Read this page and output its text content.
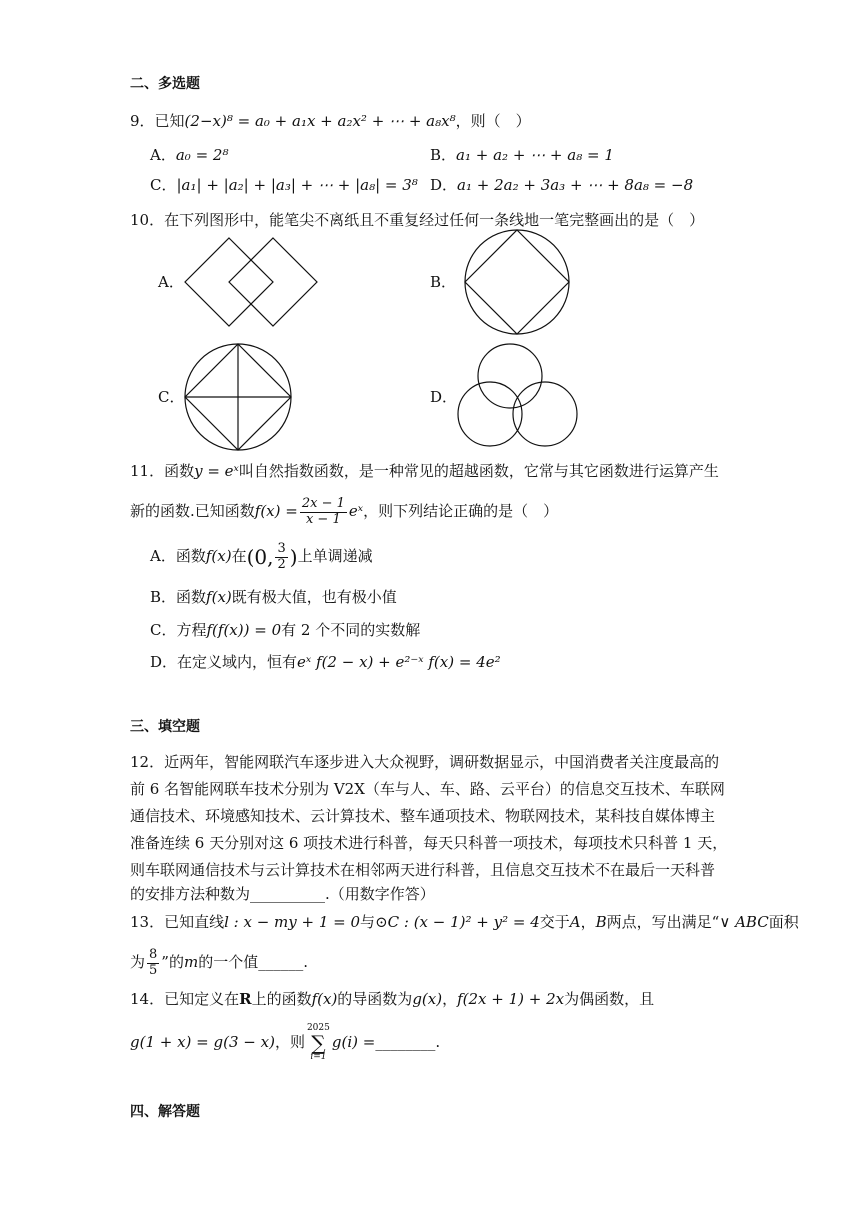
二、多选题
9．已知(2−x)⁸ = a₀ + a₁x + a₂x² + ⋯ + a₈x⁸，则（　）
A．a₀ = 2⁸	B．a₁ + a₂ + ⋯ + a₈ = 1
C．|a₁| + |a₂| + |a₃| + ⋯ + |a₈| = 3⁸ D．a₁ + 2a₂ + 3a₃ + ⋯ + 8a₈ = −8
10．在下列图形中，能笔尖不离纸且不重复经过任何一条线地一笔完整画出的是（　）
A．	B．
C．	D．
11．函数y = eˣ叫自然指数函数，是一种常见的超越函数，它常与其它函数进行运算产生
新的函数.已知函数$f(x) = \frac{2x - 1}{x - 1}$ eˣ，则下列结论正确的是（　）
A．函数f(x)在(0, $\frac{3}{2}$ )上单调递减
B．函数f(x)既有极大值，也有极小值
C．方程f(f(x)) = 0有 2 个不同的实数解
D．在定义域内，恒有eˣ f(2 − x) + e²⁻ˣ f(x) = 4e²
三、填空题
12．近两年，智能网联汽车逐步进入大众视野，调研数据显示，中国消费者关注度最高的
前 6 名智能网联车技术分别为 V2X（车与人、车、路、云平台）的信息交互技术、车联网
通信技术、环境感知技术、云计算技术、整车通项技术、物联网技术，某科技自媒体博主
准备连续 6 天分别对这 6 项技术进行科普，每天只科普一项技术，每项技术只科普 1 天，
则车联网通信技术与云计算技术在相邻两天进行科普，且信息交互技术不在最后一天科普
的安排方法种数为__________.（用数字作答）
13．已知直线l : x − my + 1 = 0与⊙C : (x − 1)² + y² = 4交于A，B两点，写出满足“∨ ABC面积
为 $\frac{8}{5}$ ”的m的一个值______.
14．已知定义在R上的函数f(x)的导函数为g(x)，f(2x + 1) + 2x为偶函数，且
g(1 + x) = g(3 − x)，则2025
∑
i=1g(i) =________.
四、解答题
